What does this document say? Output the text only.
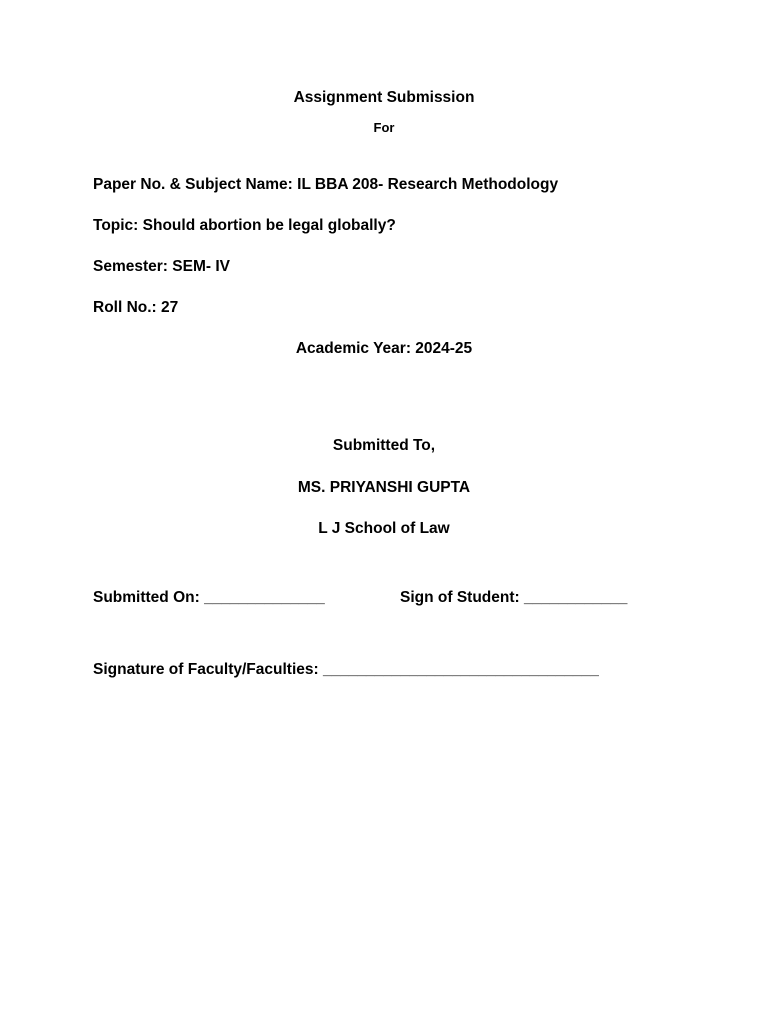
Assignment Submission
For
Paper No. & Subject Name: IL BBA 208- Research Methodology
Topic: Should abortion be legal globally?
Semester: SEM- IV
Roll No.: 27
Academic Year: 2024-25
Submitted To,
MS. PRIYANSHI GUPTA
L J School of Law
Submitted On: ______________	Sign of Student: ____________
Signature of Faculty/Faculties: ________________________________
